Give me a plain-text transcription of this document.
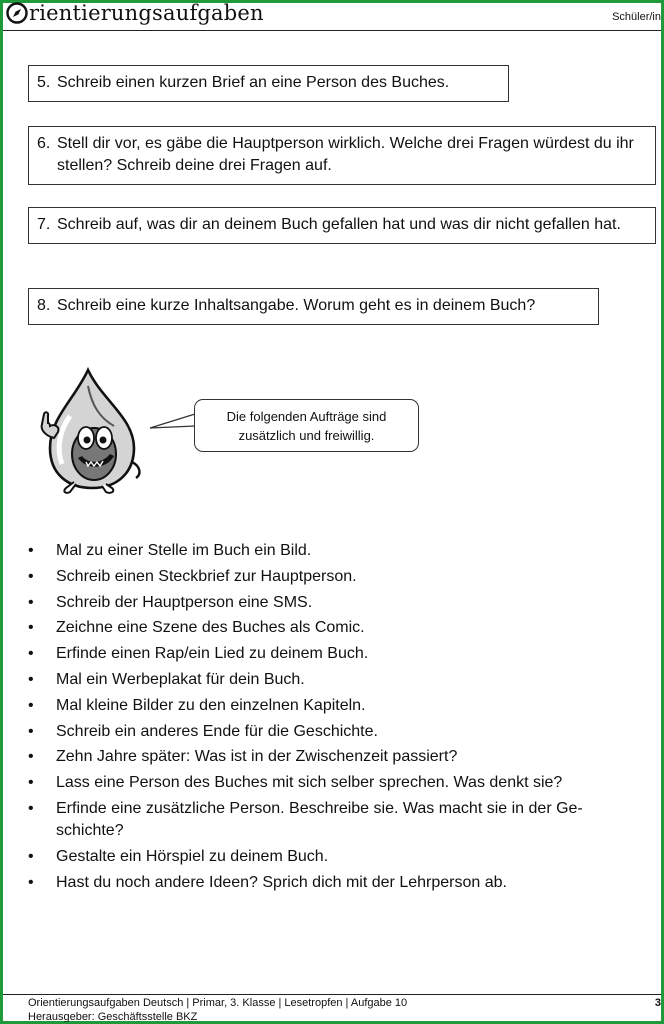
rientierungsaufgaben	Schüler/in
5. Schreib einen kurzen Brief an eine Person des Buches.
6. Stell dir vor, es gäbe die Hauptperson wirklich. Welche drei Fragen würdest du ihr stellen? Schreib deine drei Fragen auf.
7. Schreib auf, was dir an deinem Buch gefallen hat und was dir nicht gefallen hat.
8. Schreib eine kurze Inhaltsangabe. Worum geht es in deinem Buch?
Die folgenden Aufträge sind
zusätzlich und freiwillig.
•	Mal zu einer Stelle im Buch ein Bild.
•	Schreib einen Steckbrief zur Hauptperson.
•	Schreib der Hauptperson eine SMS.
•	Zeichne eine Szene des Buches als Comic.
•	Erfinde einen Rap/ein Lied zu deinem Buch.
•	Mal ein Werbeplakat für dein Buch.
•	Mal kleine Bilder zu den einzelnen Kapiteln.
•	Schreib ein anderes Ende für die Geschichte.
•	Zehn Jahre später: Was ist in der Zwischenzeit passiert?
•	Lass eine Person des Buches mit sich selber sprechen. Was denkt sie?
•	Erfinde eine zusätzliche Person. Beschreibe sie. Was macht sie in der Ge-schichte?
•	Gestalte ein Hörspiel zu deinem Buch.
•	Hast du noch andere Ideen? Sprich dich mit der Lehrperson ab.
Orientierungsaufgaben Deutsch | Primar, 3. Klasse | Lesetropfen | Aufgabe 10
Herausgeber: Geschäftsstelle BKZ
3
